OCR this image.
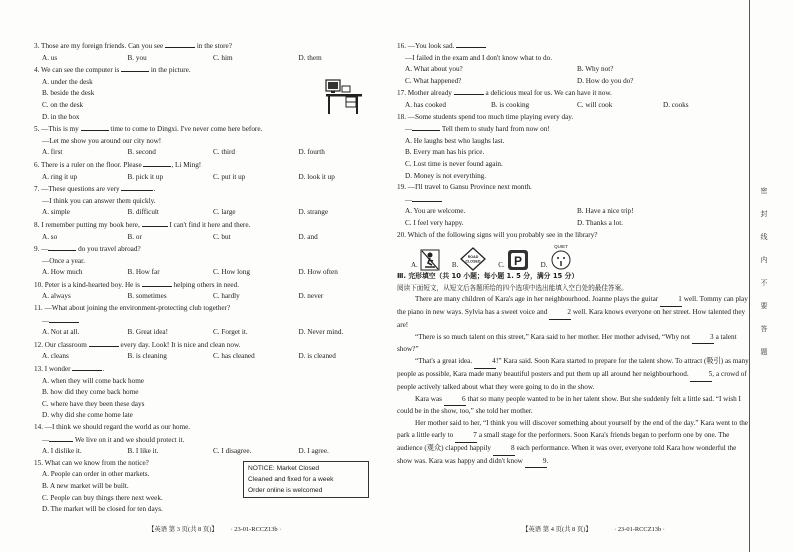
3. Those are my foreign friends. Can you see	in the store?
A. us	B. you	C. him	D. them
4. We can see the computer is	in the picture.
A. under the desk
B. beside the desk
C. on the desk
D. in the box
5. —This is my	time to come to Dingxi. I've never come here before.
—Let me show you around our city now!
A. first	B. second	C. third	D. fourth
6. There is a ruler on the floor. Please	, Li Ming!
A. ring it up	B. pick it up	C. put it up	D. look it up
7. —These questions are very	.
—I think you can answer them quickly.
A. simple	B. difficult	C. large	D. strange
8. I remember putting my book here,	I can't find it here and there.
A. so	B. or	C. but	D. and
9. —	do you travel abroad?
—Once a year.
A. How much	B. How far	C. How long	D. How often
10. Peter is a kind-hearted boy. He is	helping others in need.
A. always	B. sometimes	C. hardly	D. never
11. —What about joining the environment-protecting club together?
—
A. Not at all.	B. Great idea!	C. Forget it.	D. Never mind.
12. Our classroom	every day. Look! It is nice and clean now.
A. cleans	B. is cleaning	C. has cleaned	D. is cleaned
13. I wonder	.
A. when they will come back home
B. how did they come back home
C. where have they been these days
D. why did she come home late
14. —I think we should regard the world as our home.
—	We live on it and we should protect it.
A. I dislike it.	B. I like it.	C. I disagree.	D. I agree.
15. What can we know from the notice?
A. People can order in other markets.
B. A new market will be built.
C. People can buy things there next week.
D. The market will be closed for ten days.
NOTICE: Market Closed
Cleaned and fixed for a week
Order online is welcomed
【英语 第 3 页(共 8 页)】 · 23-01-RCCZ13b ·
16. —You look sad.
—I failed in the exam and I don't know what to do.
A. What about you?	B. Why not?
C. What happened?	D. How do you do?
17. Mother already	a delicious meal for us. We can have it now.
A. has cooked	B. is cooking	C. will cook	D. cooks
18. —Some students spend too much time playing every day.
—	Tell them to study hard from now on!
A. He laughs best who laughs last.
B. Every man has his price.
C. Lost time is never found again.
D. Money is not everything.
19. —I'll travel to Gansu Province next month.
—
A. You are welcome.	B. Have a nice trip!
C. I feel very happy.	D. Thanks a lot.
20. Which of the following signs will you probably see in the library?
A.	B.
ROAD
CLOSED	C. P	D.
QUIET
Ⅲ. 完形填空（共 10 小题；每小题 1. 5 分，满分 15 分）
阅读下面短文，从短文后各题所给的四个选项中选出能填入空白处的最佳答案。
There are many children of Kara's age in her neighbourhood. Joanne plays the guitar	1 well. Tommy can play the piano in new ways. Sylvia has a sweet voice and	2 well. Kara knows everyone on her street. How talented they are!
“There is so much talent on this street,” Kara said to her mother. Her mother advised, “Why not	3 a talent show?”
“That's a great idea.	4!” Kara said. Soon Kara started to prepare for the talent show. To attract (吸引) as many people as possible, Kara made many beautiful posters and put them up all around her neighbourhood.	5, a crowd of people actively talked about what they were going to do in the show.
Kara was	6 that so many people wanted to be in her talent show. But she suddenly felt a little sad. “I wish I could be in the show, too,” she told her mother.
Her mother said to her, “I think you will discover something about yourself by the end of the day.” Kara went to the park a little early to	7 a small stage for the performers. Soon Kara's friends began to perform one by one. The audience (观众) clapped happily	8 each performance. When it was over, everyone told Kara how wonderful the show was. Kara was happy and didn't know	9.
【英语 第 4 页(共 8 页)】	· 23-01-RCCZ13b ·
密
封
线
内
不
要
答
题
